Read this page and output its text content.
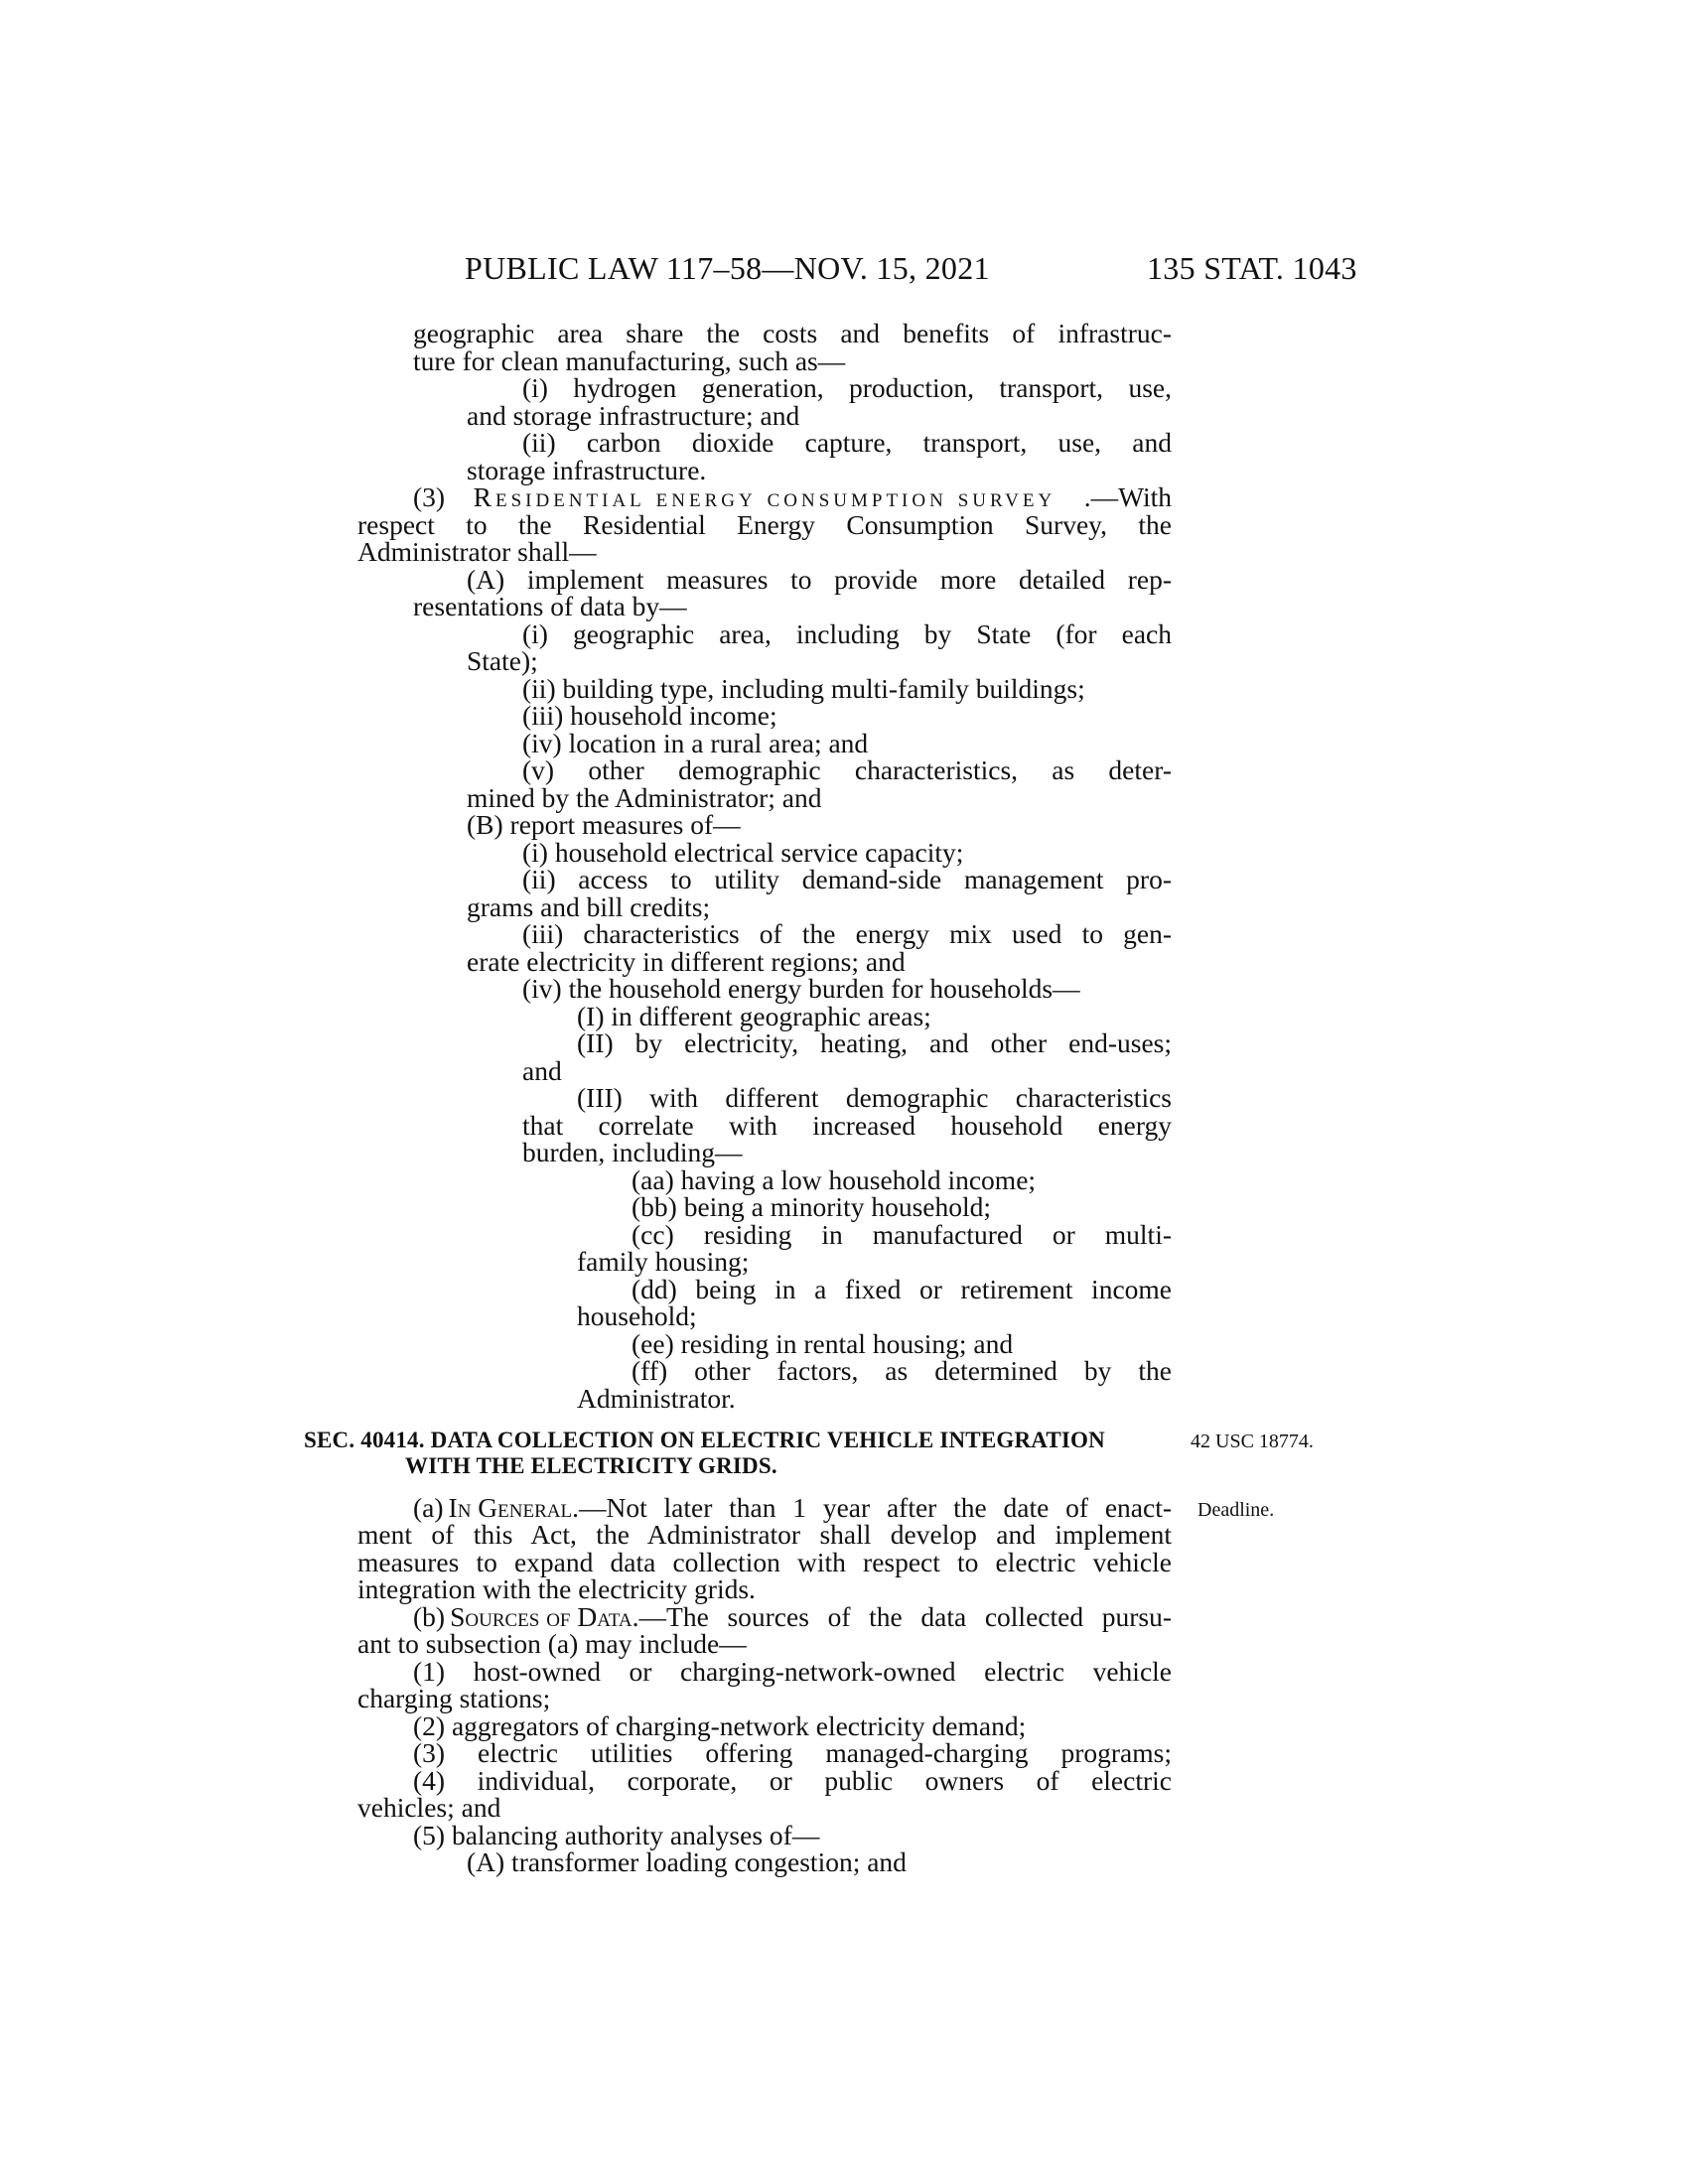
PUBLIC LAW 117–58—NOV. 15, 2021	135 STAT. 1043
geographic area share the costs and benefits of infrastruc-
ture for clean manufacturing, such as—
(i) hydrogen generation, production, transport, use,
and storage infrastructure; and
(ii) carbon dioxide capture, transport, use, and
storage infrastructure.
(3) Residential energy consumption survey .—With
respect to the Residential Energy Consumption Survey, the
Administrator shall—
(A) implement measures to provide more detailed rep-
resentations of data by—
(i) geographic area, including by State (for each
State);
(ii) building type, including multi-family buildings;
(iii) household income;
(iv) location in a rural area; and
(v) other demographic characteristics, as deter-
mined by the Administrator; and
(B) report measures of—
(i) household electrical service capacity;
(ii) access to utility demand-side management pro-
grams and bill credits;
(iii) characteristics of the energy mix used to gen-
erate electricity in different regions; and
(iv) the household energy burden for households—
(I) in different geographic areas;
(II) by electricity, heating, and other end-uses;
and
(III) with different demographic characteristics
that correlate with increased household energy
burden, including—
(aa) having a low household income;
(bb) being a minority household;
(cc) residing in manufactured or multi-
family housing;
(dd) being in a fixed or retirement income
household;
(ee) residing in rental housing; and
(ff) other factors, as determined by the
Administrator.
SEC. 40414. DATA COLLECTION ON ELECTRIC VEHICLE INTEGRATION
WITH THE ELECTRICITY GRIDS.
42 USC 18774.
(a) In General .—Not later than 1 year after the date of enact- Deadline.
ment of this Act, the Administrator shall develop and implement
measures to expand data collection with respect to electric vehicle
integration with the electricity grids.
(b) Sources of Data .—The sources of the data collected pursu-
ant to subsection (a) may include—
(1) host-owned or charging-network-owned electric vehicle
charging stations;
(2) aggregators of charging-network electricity demand;
(3) electric utilities offering managed-charging programs;
(4) individual, corporate, or public owners of electric
vehicles; and
(5) balancing authority analyses of—
(A) transformer loading congestion; and
